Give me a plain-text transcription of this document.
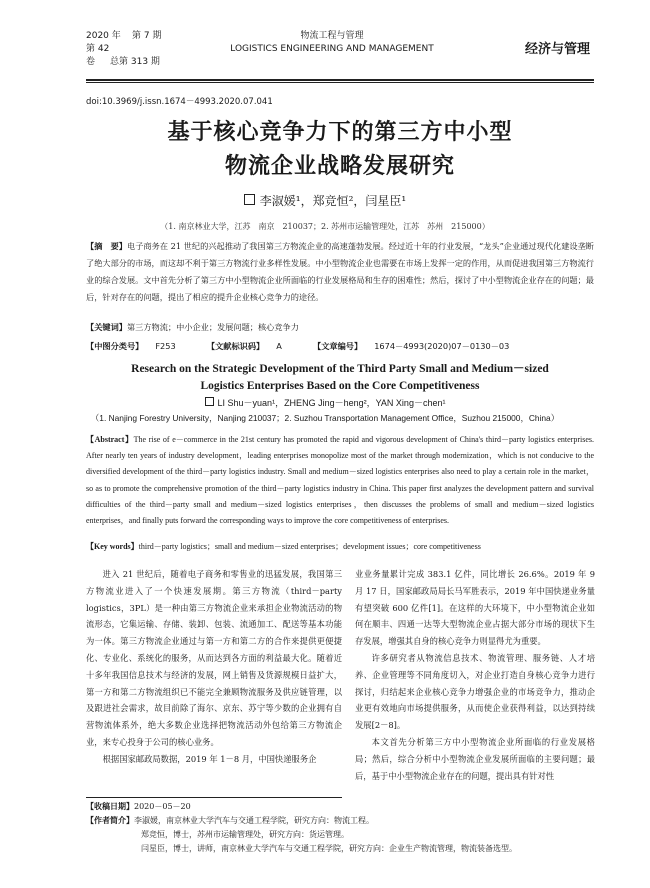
2020 年 第 7 期
第 42 卷 总第 313 期
物流工程与管理
LOGISTICS ENGINEERING AND MANAGEMENT	经济与管理
doi:10.3969/j.issn.1674－4993.2020.07.041
基于核心竞争力下的第三方中小型
物流企业战略发展研究
李淑媛¹，郑竞恒²，闫星臣¹
（1. 南京林业大学，江苏　南京　210037；2. 苏州市运输管理处，江苏　苏州　215000）
【摘　要】电子商务在 21 世纪的兴起推动了我国第三方物流企业的高速蓬勃发展。经过近十年的行业发展，“龙头”企业通过现代化建设垄断了绝大部分的市场，而这却不利于第三方物流行业多样性发展。中小型物流企业也需要在市场上发挥一定的作用，从而促进我国第三方物流行业的综合发展。文中首先分析了第三方中小型物流企业所面临的行业发展格局和生存的困难性；然后，探讨了中小型物流企业存在的问题；最后，针对存在的问题，提出了相应的提升企业核心竞争力的途径。
【关键词】第三方物流；中小企业；发展问题；核心竞争力
【中图分类号】 F253	【文献标识码】 A	【文章编号】 1674－4993(2020)07－0130－03
Research on the Strategic Development of the Third Party Small and Medium－sized
Logistics Enterprises Based on the Core Competitiveness
LI Shu－yuan¹，ZHENG Jing－heng²，YAN Xing－chen¹
（1. Nanjing Forestry University，Nanjing 210037；2. Suzhou Transportation Management Office，Suzhou 215000，China）
【Abstract】The rise of e－commerce in the 21st century has promoted the rapid and vigorous development of China's third－party logistics enterprises. After nearly ten years of industry development，leading enterprises monopolize most of the market through modernization，which is not conducive to the diversified development of the third－party logistics industry. Small and medium－sized logistics enterprises also need to play a certain role in the market，so as to promote the comprehensive promotion of the third－party logistics industry in China. This paper first analyzes the development pattern and survival difficulties of the third－party small and medium－sized logistics enterprises，then discusses the problems of small and medium－sized logistics enterprises，and finally puts forward the corresponding ways to improve the core competitiveness of enterprises.
【Key words】third－party logistics；small and medium－sized enterprises；development issues；core competitiveness

进入 21 世纪后，随着电子商务和零售业的迅猛发展，我国第三方物流业进入了一个快速发展期。第三方物流（third－party logistics，3PL）是一种由第三方物流企业来承担企业物流活动的物流形态，它集运输、存储、装卸、包装、流通加工、配送等基本功能为一体。第三方物流企业通过与第一方和第二方的合作来提供更便捷化、专业化、系统化的服务，从而达到各方面的利益最大化。随着近十多年我国信息技术与经济的发展，网上销售及货源规模日益扩大，第一方和第二方物流组织已不能完全兼顾物流服务及供应链管理，以及跟进社会需求，故目前除了海尔、京东、苏宁等少数的企业拥有自营物流体系外，绝大多数企业选择把物流活动外包给第三方物流企业，来专心投身于公司的核心业务。

根据国家邮政局数据，2019 年 1－8 月，中国快递服务企

业业务量累计完成 383.1 亿件，同比增长 26.6%。2019 年 9 月 17 日，国家邮政局局长马军胜表示，2019 年中国快递业务量有望突破 600 亿件[1]。在这样的大环境下，中小型物流企业如何在顺丰、四通一达等大型物流企业占据大部分市场的现状下生存发展，增强其自身的核心竞争力则显得尤为重要。

许多研究者从物流信息技术、物流管理、服务链、人才培养、企业管理等不同角度切入，对企业打造自身核心竞争力进行探讨，归结起来企业核心竞争力增强企业的市场竞争力，推动企业更有效地向市场提供服务，从而使企业获得利益，以达到持续发展[2－8]。

本文首先分析第三方中小型物流企业所面临的行业发展格局；然后，综合分析中小型物流企业发展所面临的主要问题；最后，基于中小型物流企业存在的问题，提出具有针对性

【收稿日期】2020－05－20
【作者简介】李淑媛，南京林业大学汽车与交通工程学院，研究方向：物流工程。
郑竞恒，博士，苏州市运输管理处，研究方向：货运管理。
闫星臣，博士，讲师，南京林业大学汽车与交通工程学院，研究方向：企业生产物流管理，物流装备选型。
